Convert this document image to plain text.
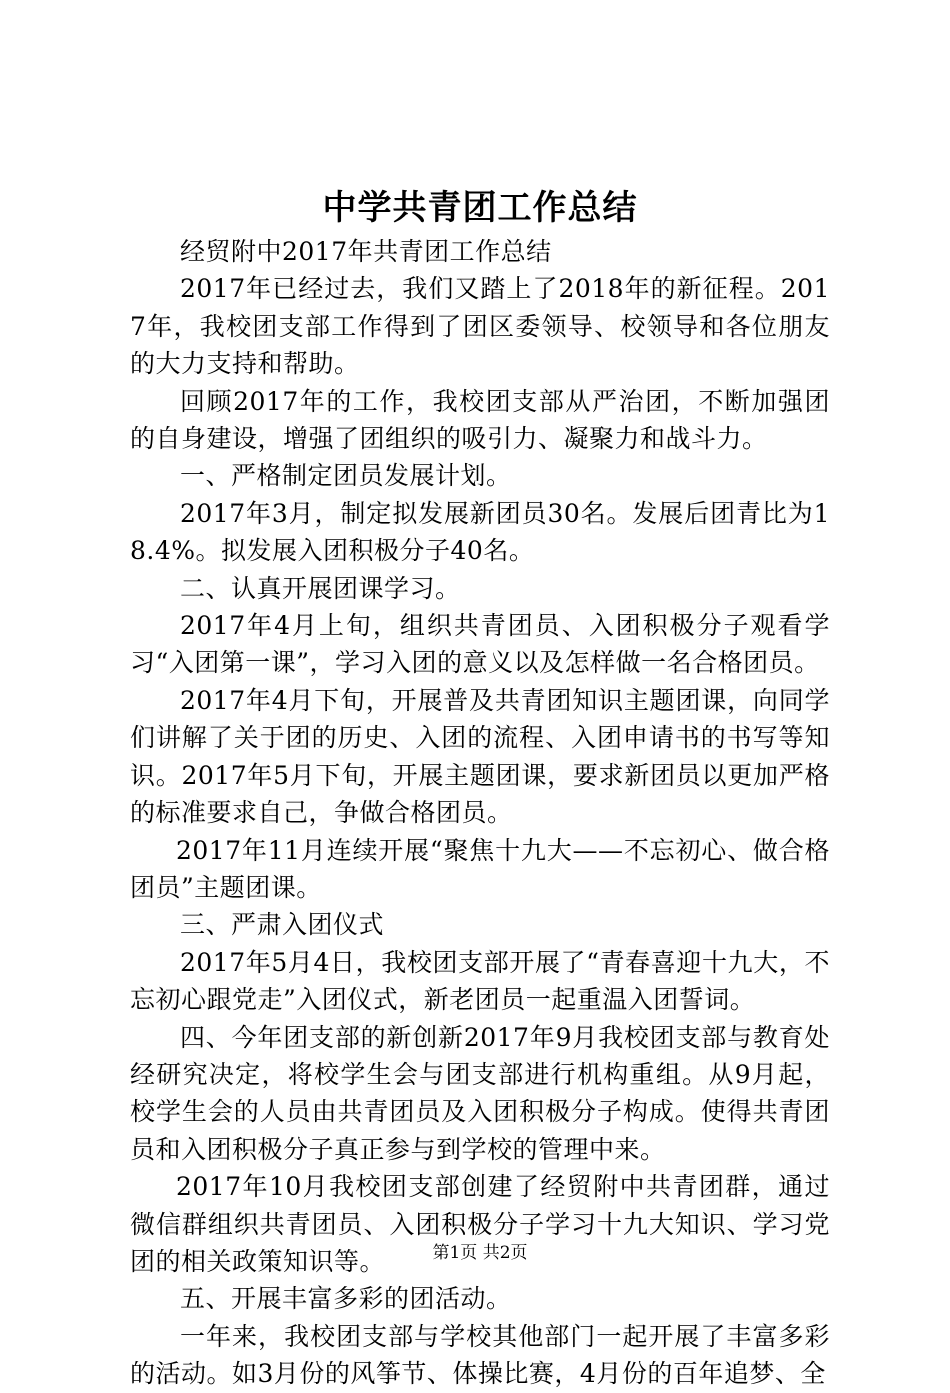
中学共青团工作总结

经贸附中2017年共青团工作总结

2017年已经过去，我们又踏上了2018年的新征程。2017年，我校团支部工作得到了团区委领导、校领导和各位朋友的大力支持和帮助。

回顾2017年的工作，我校团支部从严治团，不断加强团的自身建设，增强了团组织的吸引力、凝聚力和战斗力。

一、严格制定团员发展计划。

2017年3月，制定拟发展新团员30名。发展后团青比为18.4%。拟发展入团积极分子40名。

二、认真开展团课学习。

2017年4月上旬，组织共青团员、入团积极分子观看学习“入团第一课”，学习入团的意义以及怎样做一名合格团员。

2017年4月下旬，开展普及共青团知识主题团课，向同学们讲解了关于团的历史、入团的流程、入团申请书的书写等知识。2017年5月下旬，开展主题团课，要求新团员以更加严格的标准要求自己，争做合格团员。

2017年11月连续开展“聚焦十九大——不忘初心、做合格团员”主题团课。

三、严肃入团仪式

2017年5月4日，我校团支部开展了“青春喜迎十九大，不忘初心跟党走”入团仪式，新老团员一起重温入团誓词。

四、今年团支部的新创新2017年9月我校团支部与教育处经研究决定，将校学生会与团支部进行机构重组。从9月起，校学生会的人员由共青团员及入团积极分子构成。使得共青团员和入团积极分子真正参与到学校的管理中来。

2017年10月我校团支部创建了经贸附中共青团群，通过微信群组织共青团员、入团积极分子学习十九大知识、学习党团的相关政策知识等。

五、开展丰富多彩的团活动。

一年来，我校团支部与学校其他部门一起开展了丰富多彩的活动。如3月份的风筝节、体操比赛，4月份的百年追梦、全

第1页 共2页
